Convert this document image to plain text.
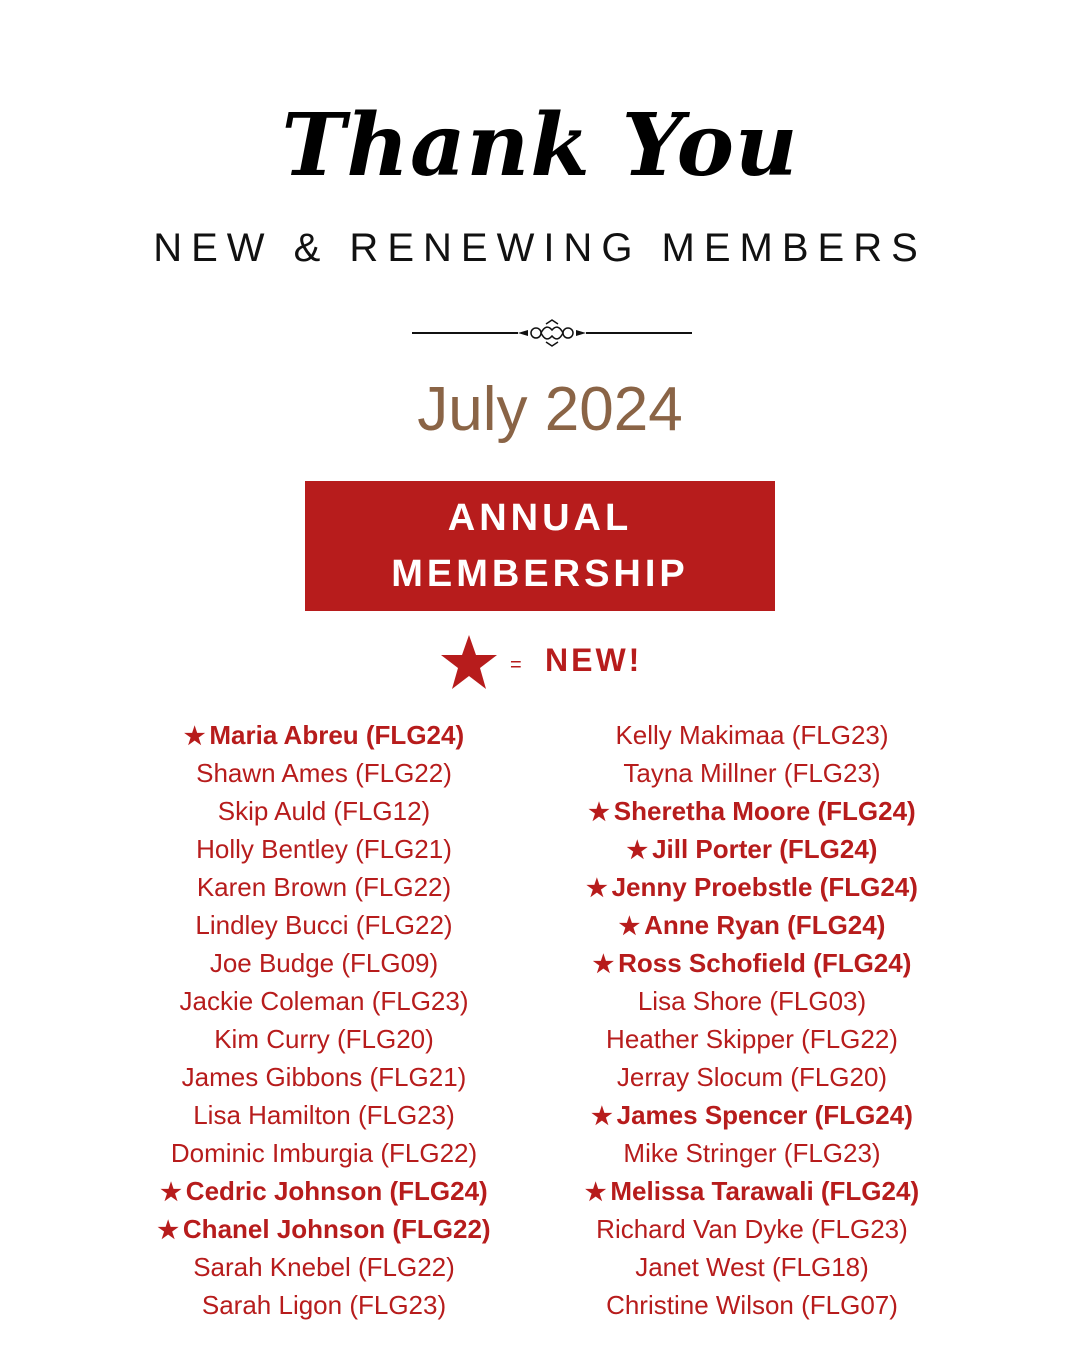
Thank You
NEW & RENEWING MEMBERS
July 2024
ANNUAL
MEMBERSHIP
= NEW!
★ Maria Abreu (FLG24)
Shawn Ames (FLG22)
Skip Auld (FLG12)
Holly Bentley (FLG21)
Karen Brown (FLG22)
Lindley Bucci (FLG22)
Joe Budge (FLG09)
Jackie Coleman (FLG23)
Kim Curry (FLG20)
James Gibbons (FLG21)
Lisa Hamilton (FLG23)
Dominic Imburgia (FLG22)
★ Cedric Johnson (FLG24)
★ Chanel Johnson (FLG22)
Sarah Knebel (FLG22)
Sarah Ligon (FLG23)
Kelly Makimaa (FLG23)
Tayna Millner (FLG23)
★ Sheretha Moore (FLG24)
★ Jill Porter (FLG24)
★ Jenny Proebstle (FLG24)
★ Anne Ryan (FLG24)
★ Ross Schofield (FLG24)
Lisa Shore (FLG03)
Heather Skipper (FLG22)
Jerray Slocum (FLG20)
★ James Spencer (FLG24)
Mike Stringer (FLG23)
★ Melissa Tarawali (FLG24)
Richard Van Dyke (FLG23)
Janet West (FLG18)
Christine Wilson (FLG07)
